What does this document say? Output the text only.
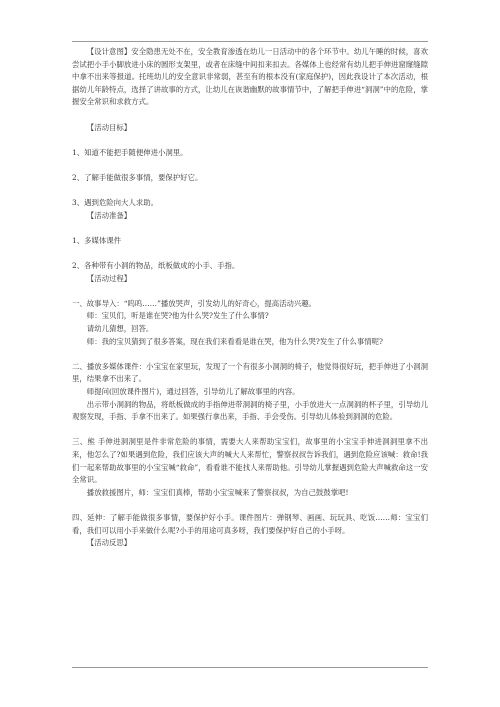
【设计意图】安全隐患无处不在，安全教育渗透在幼儿一日活动中的各个环节中。幼儿午睡的时候，喜欢尝试把小手小脚放进小床的圆形支架里，或者在床缝中间扣来扣去。各媒体上也经常有幼儿把手伸进窟窿缝隙中拿不出来等报道。托班幼儿的安全意识非常弱，甚至有的根本没有(家庭保护)，因此我设计了本次活动，根据幼儿年龄特点，选择了讲故事的方式，让幼儿在诙谐幽默的故事情节中，了解把手伸进“洞洞”中的危险，掌握安全常识和求救方式。

【活动目标】

1、知道不能把手随便伸进小洞里。

2、了解手能做很多事情，要保护好它。

3、遇到危险向大人求助。

【活动准备】

1、多媒体课件

2、各种带有小洞的物品，纸板做成的小手、手指。

【活动过程】

一、故事导入：“呜呜……”播放哭声，引发幼儿的好奇心，提高活动兴趣。

师：宝贝们，听是谁在哭?他为什么哭?发生了什么事情?

请幼儿猜想，回答。

师：我的宝贝猜到了很多答案，现在我们来看看是谁在哭，他为什么哭?发生了什么事情呢?

二、播放多媒体课件：小宝宝在家里玩，发现了一个有很多小洞洞的椅子，他觉得很好玩，把手伸进了小洞洞里，结果拿不出来了。

师提问(回放课件图片)，通过回答，引导幼儿了解故事里的内容。

出示带小洞洞的物品，将纸板做成的手指伸进带洞洞的椅子里，小手放进大一点洞洞的杯子里，引导幼儿观察发现，手指、手拿不出来了。如果强行拿出来，手指、手会受伤。引导幼儿体验到洞洞的危险。

三、熊 手伸进洞洞里是件非常危险的事情，需要大人来帮助宝宝们，故事里的小宝宝手伸进洞洞里拿不出来，他怎么了?如果遇到危险，我们应该大声的喊大人来帮忙，警察叔叔告诉我们，遇到危险应该喊：救命!我们一起来帮助故事里的小宝宝喊“救命”，看看谁不能找人来帮助他。引导幼儿掌握遇到危险大声喊救命这一安全常识。

播放救援图片，师：宝宝们真棒，帮助小宝宝喊来了警察叔叔，为自己鼓鼓掌吧!

四、延伸：了解手能做很多事情，要保护好小手。课件图片：弹钢琴、画画、玩玩具、吃饭……师：宝宝们看，我们可以用小手来做什么呢?小手的用途可真多呀，我们要保护好自己的小手呀。

【活动反思】
